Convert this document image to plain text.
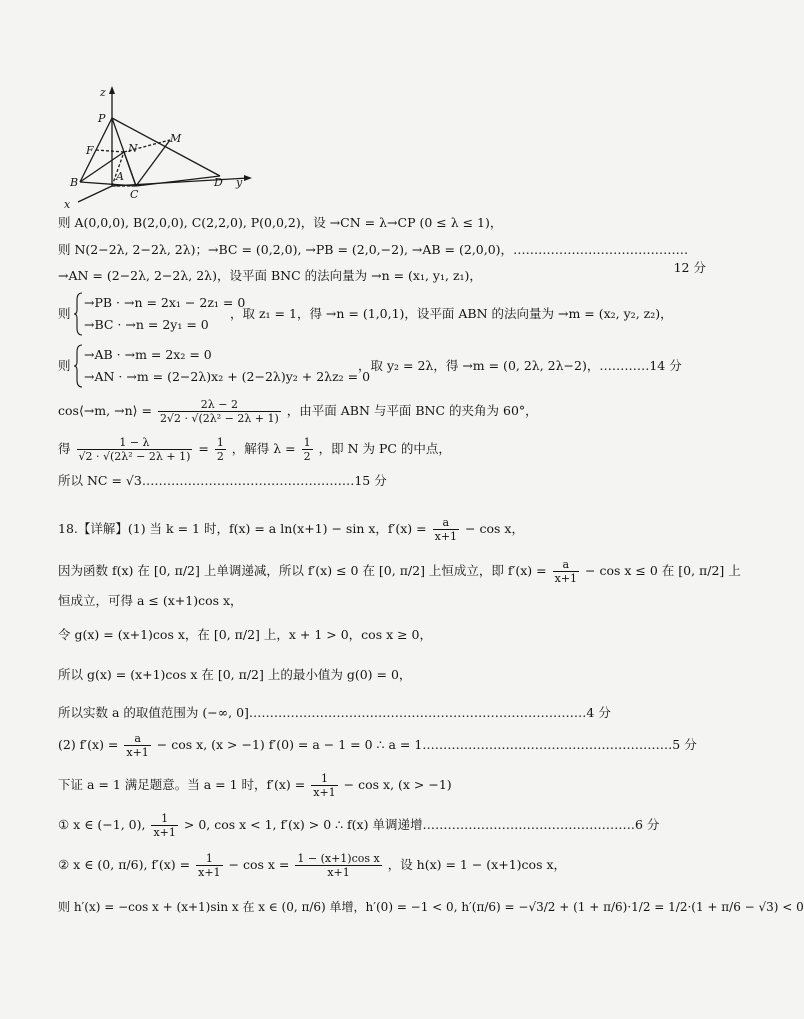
z
P
F	N
M
B	A
C
D y
x
则 A(0,0,0), B(2,0,0), C(2,2,0), P(0,0,2)，设 →CN = λ→CP (0 ≤ λ ≤ 1)，
则 N(2−2λ, 2−2λ, 2λ)；→BC = (0,2,0), →PB = (2,0,−2), →AB = (2,0,0)，……………………………………
12 分
→AN = (2−2λ, 2−2λ, 2λ)，设平面 BNC 的法向量为 →n = (x₁, y₁, z₁)，
则
→PB · →n = 2x₁ − 2z₁ = 0
→BC · →n = 2y₁ = 0
，取 z₁ = 1，得 →n = (1,0,1)，设平面 ABN 的法向量为 →m = (x₂, y₂, z₂)，
则
→AB · →m = 2x₂ = 0
→AN · →m = (2−2λ)x₂ + (2−2λ)y₂ + 2λz₂ = 0
，取 y₂ = 2λ，得 →m = (0, 2λ, 2λ−2)，…………14 分
cos⟨→m, →n⟩ = $\frac{2\lambda - 2}{\text{2√2 · √(2λ² − 2λ + 1)}}$ ，由平面 ABN 与平面 BNC 的夹角为 60°，
得 $\frac{1 - \lambda}{\text{√2 · √(2λ² − 2λ + 1)}} = \frac{1}{2}$ ，解得 $\lambda = \frac{1}{2}$ ，即 N 为 PC 的中点，
所以 NC = √3……………………………………………15 分
18.【详解】(1) 当 k = 1 时，f(x) = a ln(x+1) − sin x，$f'(x) = \frac{a}{x+1} - \cos x$，
因为函数 f(x) 在 [0, π/2] 上单调递减，所以 f′(x) ≤ 0 在 [0, π/2] 上恒成立，即 $f'(x) = \frac{a}{x+1} - \cos x \le 0$ 在 [0, π/2] 上
恒成立，可得 a ≤ (x+1)cos x，
令 g(x) = (x+1)cos x，在 [0, π/2] 上，x + 1 > 0，cos x ≥ 0，
所以 g(x) = (x+1)cos x 在 [0, π/2] 上的最小值为 g(0) = 0，
所以实数 a 的取值范围为 (−∞, 0]………………………………………………………………………4 分
(2) $f'(x) = \frac{a}{x+1} - \cos x$, (x > −1) f′(0) = a − 1 = 0 ∴ a = 1……………………………………………………5 分
下证 a = 1 满足题意。当 a = 1 时，$f'(x) = \frac{1}{x+1} - \cos x$, (x > −1)
① x ∈ (−1, 0), $\frac{1}{x+1} > 0$, cos x < 1, f′(x) > 0 ∴ f(x) 单调递增……………………………………………6 分
② x ∈ (0, π/6), $f'(x) = \frac{1}{x+1} - \cos x = \frac{\text{1 − (x+1)cos x}}{x+1}$ ，设 h(x) = 1 − (x+1)cos x，
则 h′(x) = −cos x + (x+1)sin x 在 x ∈ (0, π/6) 单增，h′(0) = −1 < 0, h′(π/6) = −√3/2 + (1 + π/6)·1/2 = 1/2·(1 + π/6 − √3) < 0
